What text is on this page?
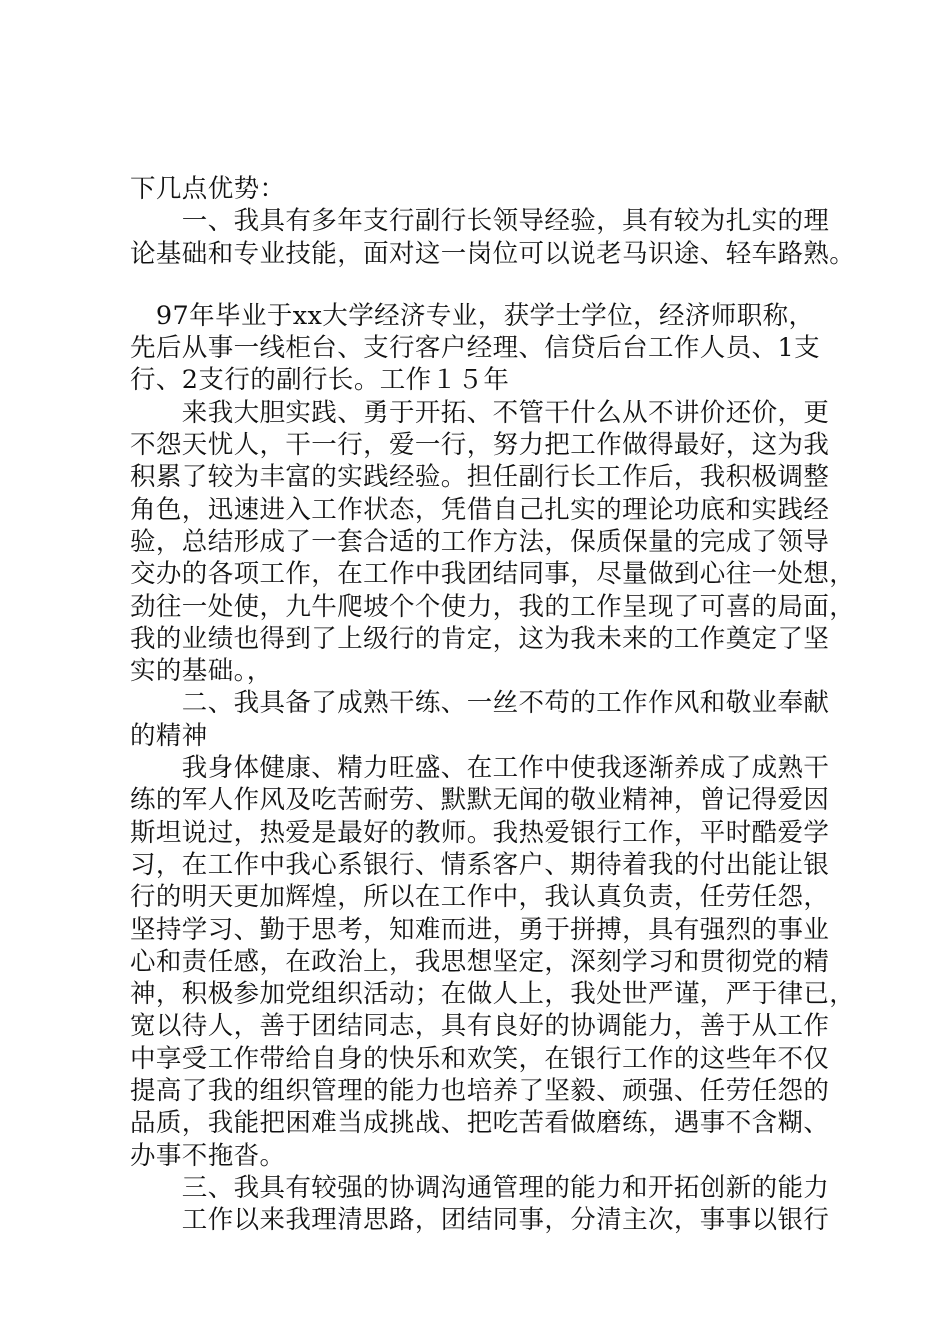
下几点优势：
　　一、我具有多年支行副行长领导经验，具有较为扎实的理
论基础和专业技能，面对这一岗位可以说老马识途、轻车路熟。
　97年毕业于xx大学经济专业，获学士学位，经济师职称，
先后从事一线柜台、支行客户经理、信贷后台工作人员、1支
行、2支行的副行长。工作１５年
　　来我大胆实践、勇于开拓、不管干什么从不讲价还价，更
不怨天忧人，干一行，爱一行，努力把工作做得最好，这为我
积累了较为丰富的实践经验。担任副行长工作后，我积极调整
角色，迅速进入工作状态，凭借自己扎实的理论功底和实践经
验，总结形成了一套合适的工作方法，保质保量的完成了领导
交办的各项工作，在工作中我团结同事，尽量做到心往一处想，
劲往一处使，九牛爬坡个个使力，我的工作呈现了可喜的局面，
我的业绩也得到了上级行的肯定，这为我未来的工作奠定了坚
实的基础。，
　　二、我具备了成熟干练、一丝不苟的工作作风和敬业奉献
的精神
　　我身体健康、精力旺盛、在工作中使我逐渐养成了成熟干
练的军人作风及吃苦耐劳、默默无闻的敬业精神，曾记得爱因
斯坦说过，热爱是最好的教师。我热爱银行工作，平时酷爱学
习，在工作中我心系银行、情系客户、期待着我的付出能让银
行的明天更加辉煌，所以在工作中，我认真负责，任劳任怨，
坚持学习、勤于思考，知难而进，勇于拼搏，具有强烈的事业
心和责任感，在政治上，我思想坚定，深刻学习和贯彻党的精
神，积极参加党组织活动；在做人上，我处世严谨，严于律已，
宽以待人，善于团结同志，具有良好的协调能力，善于从工作
中享受工作带给自身的快乐和欢笑，在银行工作的这些年不仅
提高了我的组织管理的能力也培养了坚毅、顽强、任劳任怨的
品质，我能把困难当成挑战、把吃苦看做磨练，遇事不含糊、
办事不拖沓。
　　三、我具有较强的协调沟通管理的能力和开拓创新的能力
　　工作以来我理清思路，团结同事，分清主次，事事以银行
